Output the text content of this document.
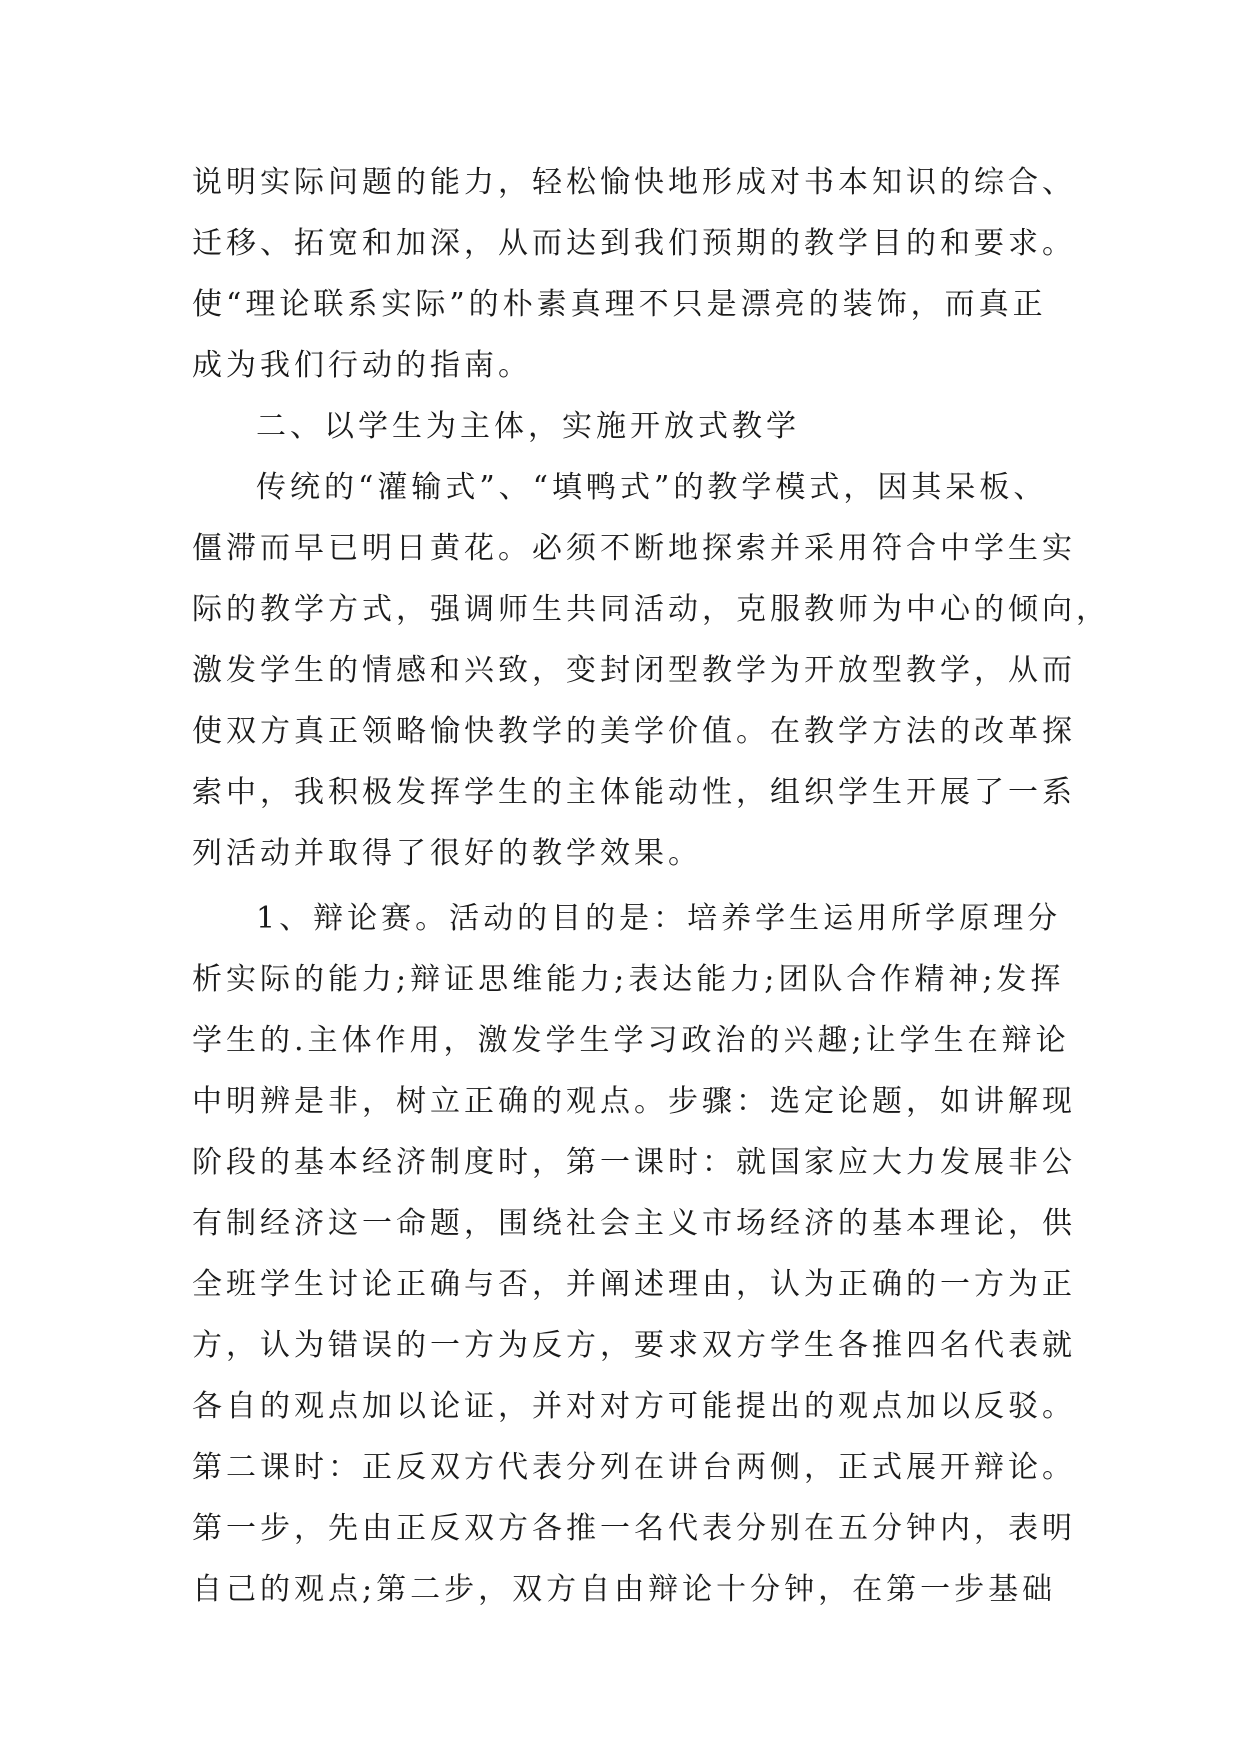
说明实际问题的能力，轻松愉快地形成对书本知识的综合、
迁移、拓宽和加深，从而达到我们预期的教学目的和要求。
使“理论联系实际”的朴素真理不只是漂亮的装饰，而真正
成为我们行动的指南。
二、以学生为主体，实施开放式教学
传统的“灌输式”、“填鸭式”的教学模式，因其呆板、
僵滞而早已明日黄花。必须不断地探索并采用符合中学生实
际的教学方式，强调师生共同活动，克服教师为中心的倾向，
激发学生的情感和兴致，变封闭型教学为开放型教学，从而
使双方真正领略愉快教学的美学价值。在教学方法的改革探
索中，我积极发挥学生的主体能动性，组织学生开展了一系
列活动并取得了很好的教学效果。
1、辩论赛。活动的目的是：培养学生运用所学原理分
析实际的能力;辩证思维能力;表达能力;团队合作精神;发挥
学生的.主体作用，激发学生学习政治的兴趣;让学生在辩论
中明辨是非，树立正确的观点。步骤：选定论题，如讲解现
阶段的基本经济制度时，第一课时：就国家应大力发展非公
有制经济这一命题，围绕社会主义市场经济的基本理论，供
全班学生讨论正确与否，并阐述理由，认为正确的一方为正
方，认为错误的一方为反方，要求双方学生各推四名代表就
各自的观点加以论证，并对对方可能提出的观点加以反驳。
第二课时：正反双方代表分列在讲台两侧，正式展开辩论。
第一步，先由正反双方各推一名代表分别在五分钟内，表明
自己的观点;第二步，双方自由辩论十分钟，在第一步基础
